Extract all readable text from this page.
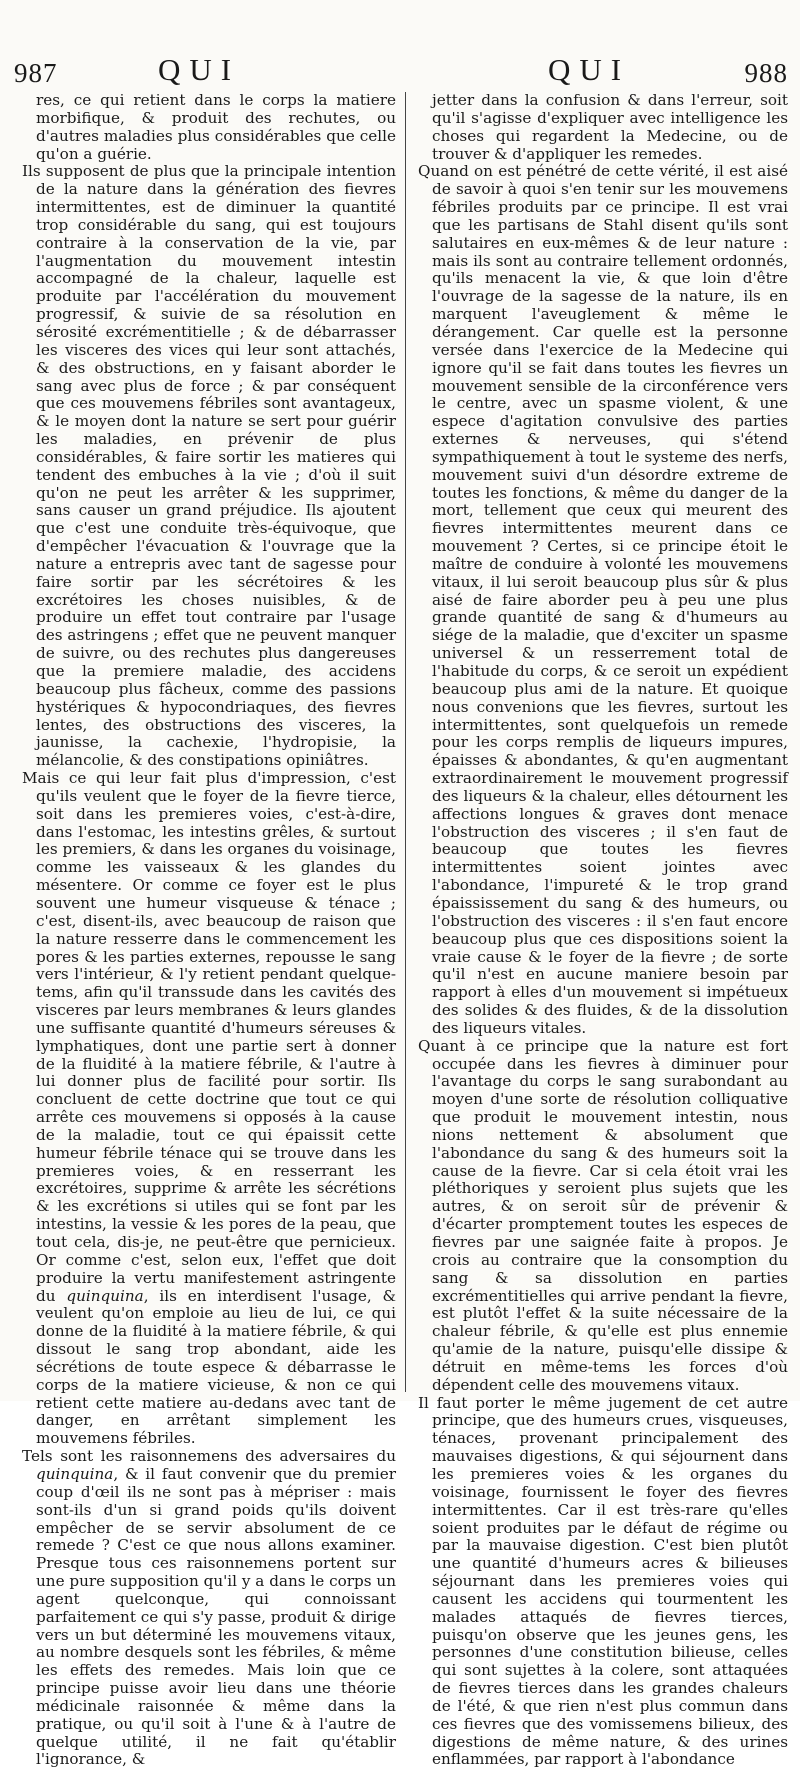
987	QUI	QUI	988

res, ce qui retient dans le corps la matiere morbifique, & produit des rechutes, ou d'autres maladies plus considérables que celle qu'on a guérie.

Ils supposent de plus que la principale intention de la nature dans la génération des fievres intermittentes, est de diminuer la quantité trop considérable du sang, qui est toujours contraire à la conservation de la vie, par l'augmentation du mouvement intestin accompagné de la chaleur, laquelle est produite par l'accélération du mouvement progressif, & suivie de sa résolution en sérosité excrémentitielle ; & de débarrasser les visceres des vices qui leur sont attachés, & des obstructions, en y faisant aborder le sang avec plus de force ; & par conséquent que ces mouvemens fébriles sont avantageux, & le moyen dont la nature se sert pour guérir les maladies, en prévenir de plus considérables, & faire sortir les matieres qui tendent des embuches à la vie ; d'où il suit qu'on ne peut les arrêter & les supprimer, sans causer un grand préjudice. Ils ajoutent que c'est une conduite très-équivoque, que d'empêcher l'évacuation & l'ouvrage que la nature a entrepris avec tant de sagesse pour faire sortir par les sécrétoires & les excrétoires les choses nuisibles, & de produire un effet tout contraire par l'usage des astringens ; effet que ne peuvent manquer de suivre, ou des rechutes plus dangereuses que la premiere maladie, des accidens beaucoup plus fâcheux, comme des passions hystériques & hypocondriaques, des fievres lentes, des obstructions des visceres, la jaunisse, la cachexie, l'hydropisie, la mélancolie, & des constipations opiniâtres.

Mais ce qui leur fait plus d'impression, c'est qu'ils veulent que le foyer de la fievre tierce, soit dans les premieres voies, c'est-à-dire, dans l'estomac, les intestins grêles, & surtout les premiers, & dans les organes du voisinage, comme les vaisseaux & les glandes du mésentere. Or comme ce foyer est le plus souvent une humeur visqueuse & ténace ; c'est, disent-ils, avec beaucoup de raison que la nature resserre dans le commencement les pores & les parties externes, repousse le sang vers l'intérieur, & l'y retient pendant quelque-tems, afin qu'il transsude dans les cavités des visceres par leurs membranes & leurs glandes une suffisante quantité d'humeurs séreuses & lymphatiques, dont une partie sert à donner de la fluidité à la matiere fébrile, & l'autre à lui donner plus de facilité pour sortir. Ils concluent de cette doctrine que tout ce qui arrête ces mouvemens si opposés à la cause de la maladie, tout ce qui épaissit cette humeur fébrile ténace qui se trouve dans les premieres voies, & en resserrant les excrétoires, supprime & arrête les sécrétions & les excrétions si utiles qui se font par les intestins, la vessie & les pores de la peau, que tout cela, dis-je, ne peut-être que pernicieux. Or comme c'est, selon eux, l'effet que doit produire la vertu manifestement astringente du quinquina, ils en interdisent l'usage, & veulent qu'on emploie au lieu de lui, ce qui donne de la fluidité à la matiere fébrile, & qui dissout le sang trop abondant, aide les sécrétions de toute espece & débarrasse le corps de la matiere vicieuse, & non ce qui retient cette matiere au-dedans avec tant de danger, en arrêtant simplement les mouvemens fébriles.

Tels sont les raisonnemens des adversaires du quinquina, & il faut convenir que du premier coup d'œil ils ne sont pas à mépriser : mais sont-ils d'un si grand poids qu'ils doivent empêcher de se servir absolument de ce remede ? C'est ce que nous allons examiner. Presque tous ces raisonnemens portent sur une pure supposition qu'il y a dans le corps un agent quelconque, qui connoissant parfaitement ce qui s'y passe, produit & dirige vers un but déterminé les mouvemens vitaux, au nombre desquels sont les fébriles, & même les effets des remedes. Mais loin que ce principe puisse avoir lieu dans une théorie médicinale raisonnée & même dans la pratique, ou qu'il soit à l'une & à l'autre de quelque utilité, il ne fait qu'établir l'ignorance, &

jetter dans la confusion & dans l'erreur, soit qu'il s'agisse d'expliquer avec intelligence les choses qui regardent la Medecine, ou de trouver & d'appliquer les remedes.

Quand on est pénétré de cette vérité, il est aisé de savoir à quoi s'en tenir sur les mouvemens fébriles produits par ce principe. Il est vrai que les partisans de Stahl disent qu'ils sont salutaires en eux-mêmes & de leur nature : mais ils sont au contraire tellement ordonnés, qu'ils menacent la vie, & que loin d'être l'ouvrage de la sagesse de la nature, ils en marquent l'aveuglement & même le dérangement. Car quelle est la personne versée dans l'exercice de la Medecine qui ignore qu'il se fait dans toutes les fievres un mouvement sensible de la circonférence vers le centre, avec un spasme violent, & une espece d'agitation convulsive des parties externes & nerveuses, qui s'étend sympathiquement à tout le systeme des nerfs, mouvement suivi d'un désordre extreme de toutes les fonctions, & même du danger de la mort, tellement que ceux qui meurent des fievres intermittentes meurent dans ce mouvement ? Certes, si ce principe étoit le maître de conduire à volonté les mouvemens vitaux, il lui seroit beaucoup plus sûr & plus aisé de faire aborder peu à peu une plus grande quantité de sang & d'humeurs au siége de la maladie, que d'exciter un spasme universel & un resserrement total de l'habitude du corps, & ce seroit un expédient beaucoup plus ami de la nature. Et quoique nous convenions que les fievres, surtout les intermittentes, sont quelquefois un remede pour les corps remplis de liqueurs impures, épaisses & abondantes, & qu'en augmentant extraordinairement le mouvement progressif des liqueurs & la chaleur, elles détournent les affections longues & graves dont menace l'obstruction des visceres ; il s'en faut de beaucoup que toutes les fievres intermittentes soient jointes avec l'abondance, l'impureté & le trop grand épaississement du sang & des humeurs, ou l'obstruction des visceres : il s'en faut encore beaucoup plus que ces dispositions soient la vraie cause & le foyer de la fievre ; de sorte qu'il n'est en aucune maniere besoin par rapport à elles d'un mouvement si impétueux des solides & des fluides, & de la dissolution des liqueurs vitales.

Quant à ce principe que la nature est fort occupée dans les fievres à diminuer pour l'avantage du corps le sang surabondant au moyen d'une sorte de résolution colliquative que produit le mouvement intestin, nous nions nettement & absolument que l'abondance du sang & des humeurs soit la cause de la fievre. Car si cela étoit vrai les pléthoriques y seroient plus sujets que les autres, & on seroit sûr de prévenir & d'écarter promptement toutes les especes de fievres par une saignée faite à propos. Je crois au contraire que la consomption du sang & sa dissolution en parties excrémentitielles qui arrive pendant la fievre, est plutôt l'effet & la suite nécessaire de la chaleur fébrile, & qu'elle est plus ennemie qu'amie de la nature, puisqu'elle dissipe & détruit en même-tems les forces d'où dépendent celle des mouvemens vitaux.

Il faut porter le même jugement de cet autre principe, que des humeurs crues, visqueuses, ténaces, provenant principalement des mauvaises digestions, & qui séjournent dans les premieres voies & les organes du voisinage, fournissent le foyer des fievres intermittentes. Car il est très-rare qu'elles soient produites par le défaut de régime ou par la mauvaise digestion. C'est bien plutôt une quantité d'humeurs acres & bilieuses séjournant dans les premieres voies qui causent les accidens qui tourmentent les malades attaqués de fievres tierces, puisqu'on observe que les jeunes gens, les personnes d'une constitution bilieuse, celles qui sont sujettes à la colere, sont attaquées de fievres tierces dans les grandes chaleurs de l'été, & que rien n'est plus commun dans ces fievres que des vomissemens bilieux, des digestions de même nature, & des urines enflammées, par rapport à l'abondance
